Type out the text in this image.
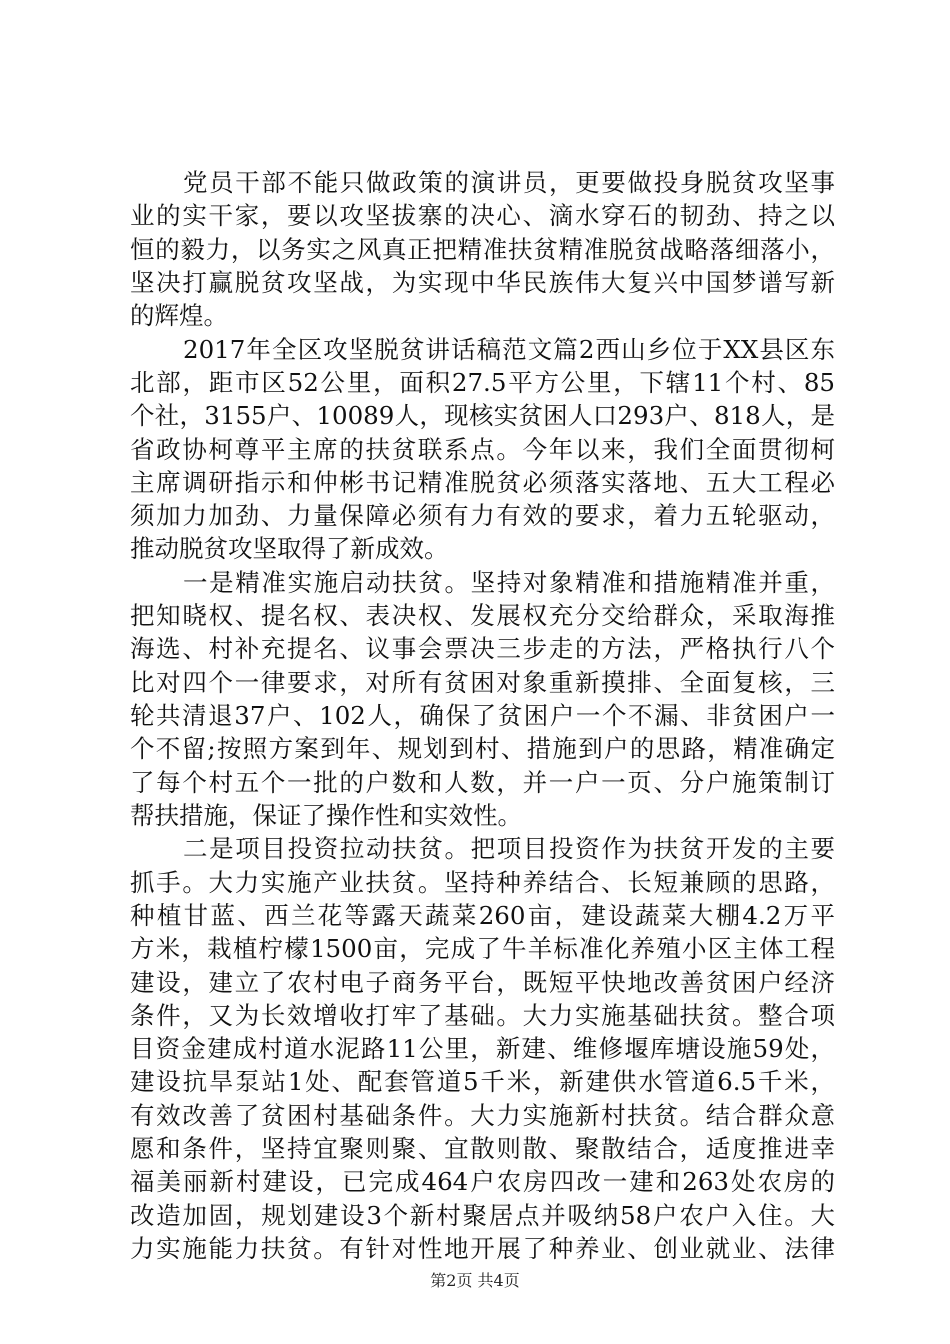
党员干部不能只做政策的演讲员，更要做投身脱贫攻坚事
业的实干家，要以攻坚拔寨的决心、滴水穿石的韧劲、持之以
恒的毅力，以务实之风真正把精准扶贫精准脱贫战略落细落小，
坚决打赢脱贫攻坚战，为实现中华民族伟大复兴中国梦谱写新
的辉煌。
2017年全区攻坚脱贫讲话稿范文篇2西山乡位于XX县区东
北部，距市区52公里，面积27.5平方公里，下辖11个村、85
个社，3155户、10089人，现核实贫困人口293户、818人，是
省政协柯尊平主席的扶贫联系点。今年以来，我们全面贯彻柯
主席调研指示和仲彬书记精准脱贫必须落实落地、五大工程必
须加力加劲、力量保障必须有力有效的要求，着力五轮驱动，
推动脱贫攻坚取得了新成效。
一是精准实施启动扶贫。坚持对象精准和措施精准并重，
把知晓权、提名权、表决权、发展权充分交给群众，采取海推
海选、村补充提名、议事会票决三步走的方法，严格执行八个
比对四个一律要求，对所有贫困对象重新摸排、全面复核，三
轮共清退37户、102人，确保了贫困户一个不漏、非贫困户一
个不留;按照方案到年、规划到村、措施到户的思路，精准确定
了每个村五个一批的户数和人数，并一户一页、分户施策制订
帮扶措施，保证了操作性和实效性。
二是项目投资拉动扶贫。把项目投资作为扶贫开发的主要
抓手。大力实施产业扶贫。坚持种养结合、长短兼顾的思路，
种植甘蓝、西兰花等露天蔬菜260亩，建设蔬菜大棚4.2万平
方米，栽植柠檬1500亩，完成了牛羊标准化养殖小区主体工程
建设，建立了农村电子商务平台，既短平快地改善贫困户经济
条件，又为长效增收打牢了基础。大力实施基础扶贫。整合项
目资金建成村道水泥路11公里，新建、维修堰库塘设施59处，
建设抗旱泵站1处、配套管道5千米，新建供水管道6.5千米，
有效改善了贫困村基础条件。大力实施新村扶贫。结合群众意
愿和条件，坚持宜聚则聚、宜散则散、聚散结合，适度推进幸
福美丽新村建设，已完成464户农房四改一建和263处农房的
改造加固，规划建设3个新村聚居点并吸纳58户农户入住。大
力实施能力扶贫。有针对性地开展了种养业、创业就业、法律
第2页 共4页
